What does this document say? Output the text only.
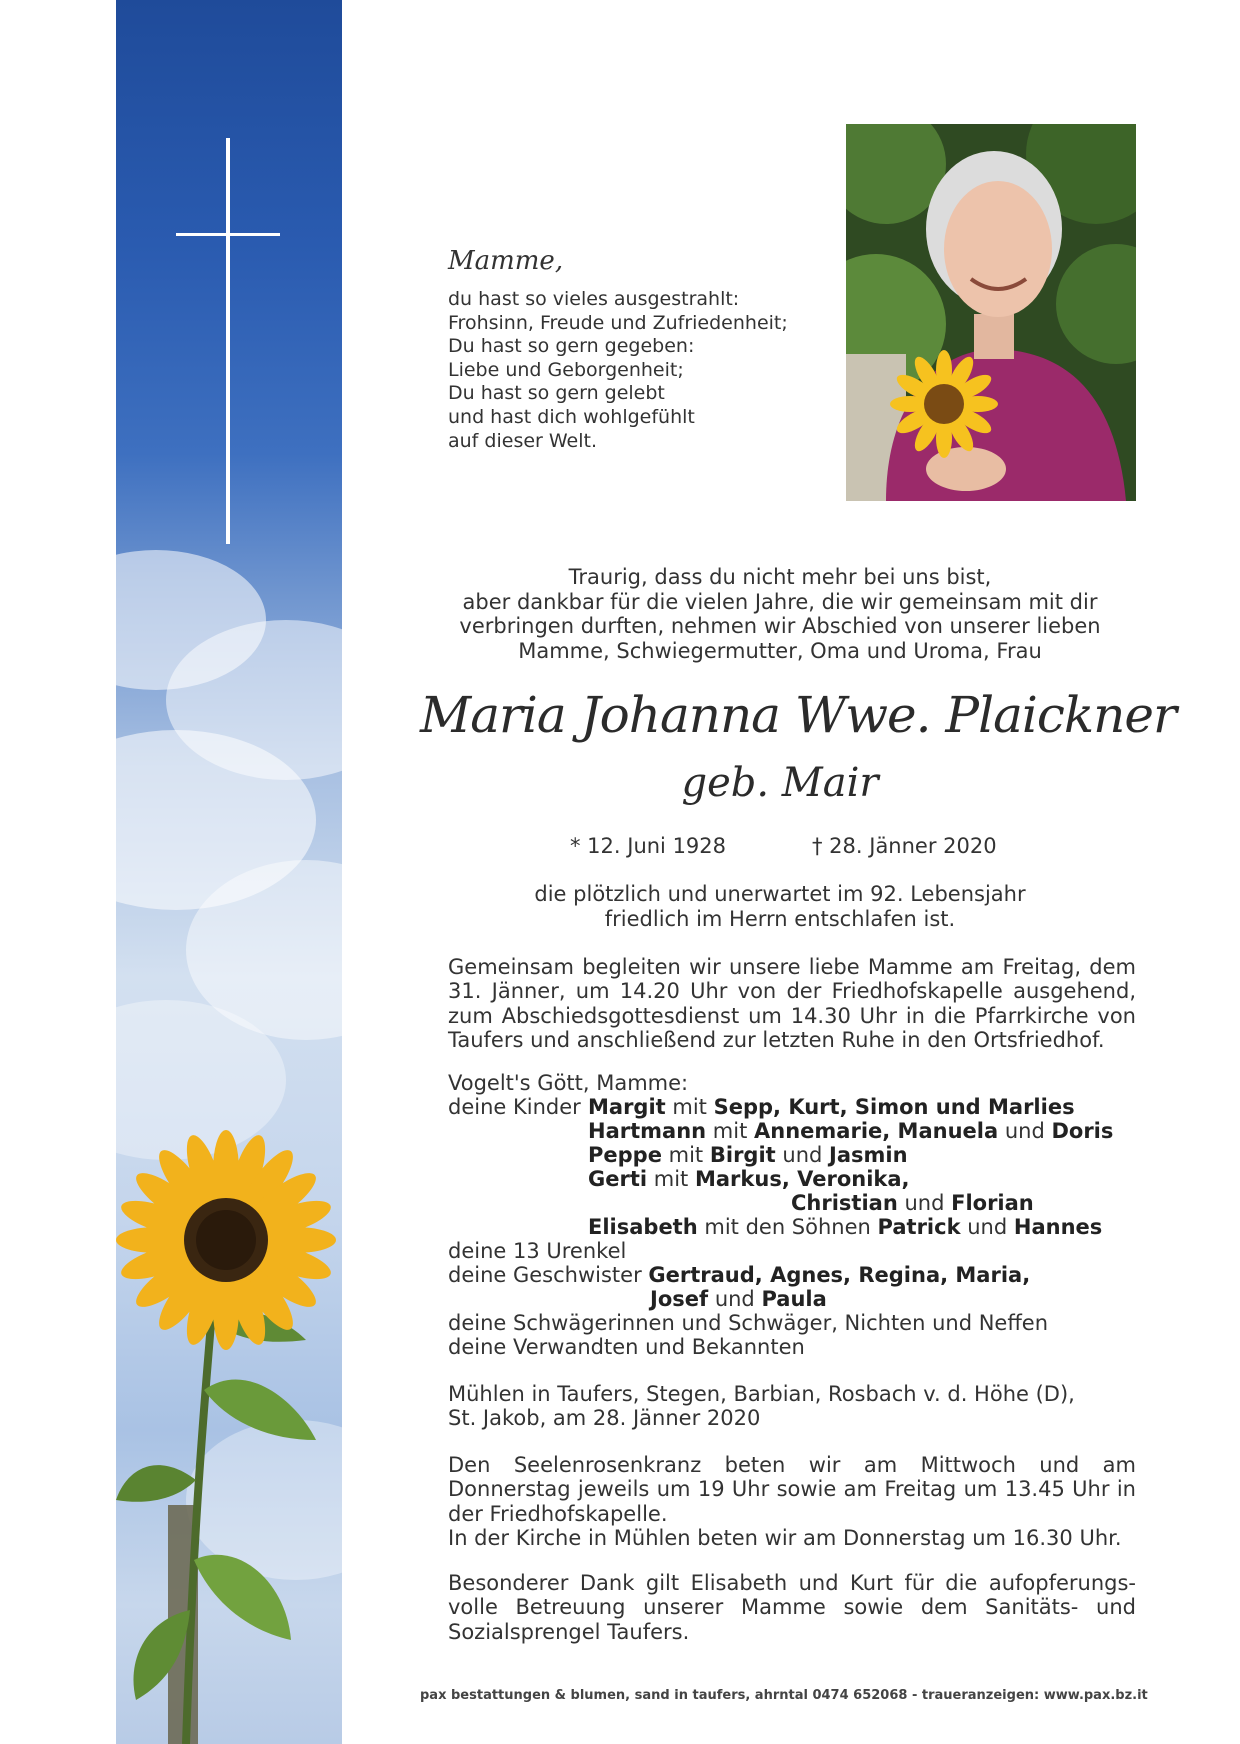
Mamme,
du hast so vieles ausgestrahlt:
Frohsinn, Freude und Zufriedenheit;
Du hast so gern gegeben:
Liebe und Geborgenheit;
Du hast so gern gelebt
und hast dich wohlgefühlt
auf dieser Welt.
Traurig, dass du nicht mehr bei uns bist,
aber dankbar für die vielen Jahre, die wir gemeinsam mit dir
verbringen durften, nehmen wir Abschied von unserer lieben
Mamme, Schwiegermutter, Oma und Uroma, Frau
Maria Johanna Wwe. Plaickner
geb. Mair
* 12. Juni 1928	† 28. Jänner 2020
die plötzlich und unerwartet im 92. Lebensjahr
friedlich im Herrn entschlafen ist.
Gemeinsam begleiten wir unsere liebe Mamme am Freitag, dem 31. Jänner, um 14.20 Uhr von der Friedhofskapelle ausgehend, zum Abschiedsgottesdienst um 14.30 Uhr in die Pfarrkirche von Taufers und anschließend zur letzten Ruhe in den Ortsfriedhof.
Vogelt's Gött, Mamme:
deine Kinder Margit mit Sepp, Kurt, Simon und Marlies
Hartmann mit Annemarie, Manuela und Doris
Peppe mit Birgit und Jasmin
Gerti mit Markus, Veronika,
Christian und Florian
Elisabeth mit den Söhnen Patrick und Hannes
deine 13 Urenkel
deine Geschwister Gertraud, Agnes, Regina, Maria,
Josef und Paula
deine Schwägerinnen und Schwäger, Nichten und Neffen
deine Verwandten und Bekannten
Mühlen in Taufers, Stegen, Barbian, Rosbach v. d. Höhe (D),
St. Jakob, am 28. Jänner 2020
Den Seelenrosenkranz beten wir am Mittwoch und am Donnerstag jeweils um 19 Uhr sowie am Freitag um 13.45 Uhr in der Friedhofskapelle.
In der Kirche in Mühlen beten wir am Donnerstag um 16.30 Uhr.
Besonderer Dank gilt Elisabeth und Kurt für die aufopferungs-volle Betreuung unserer Mamme sowie dem Sanitäts- und Sozialsprengel Taufers.
pax bestattungen & blumen, sand in taufers, ahrntal 0474 652068 - traueranzeigen: www.pax.bz.it
